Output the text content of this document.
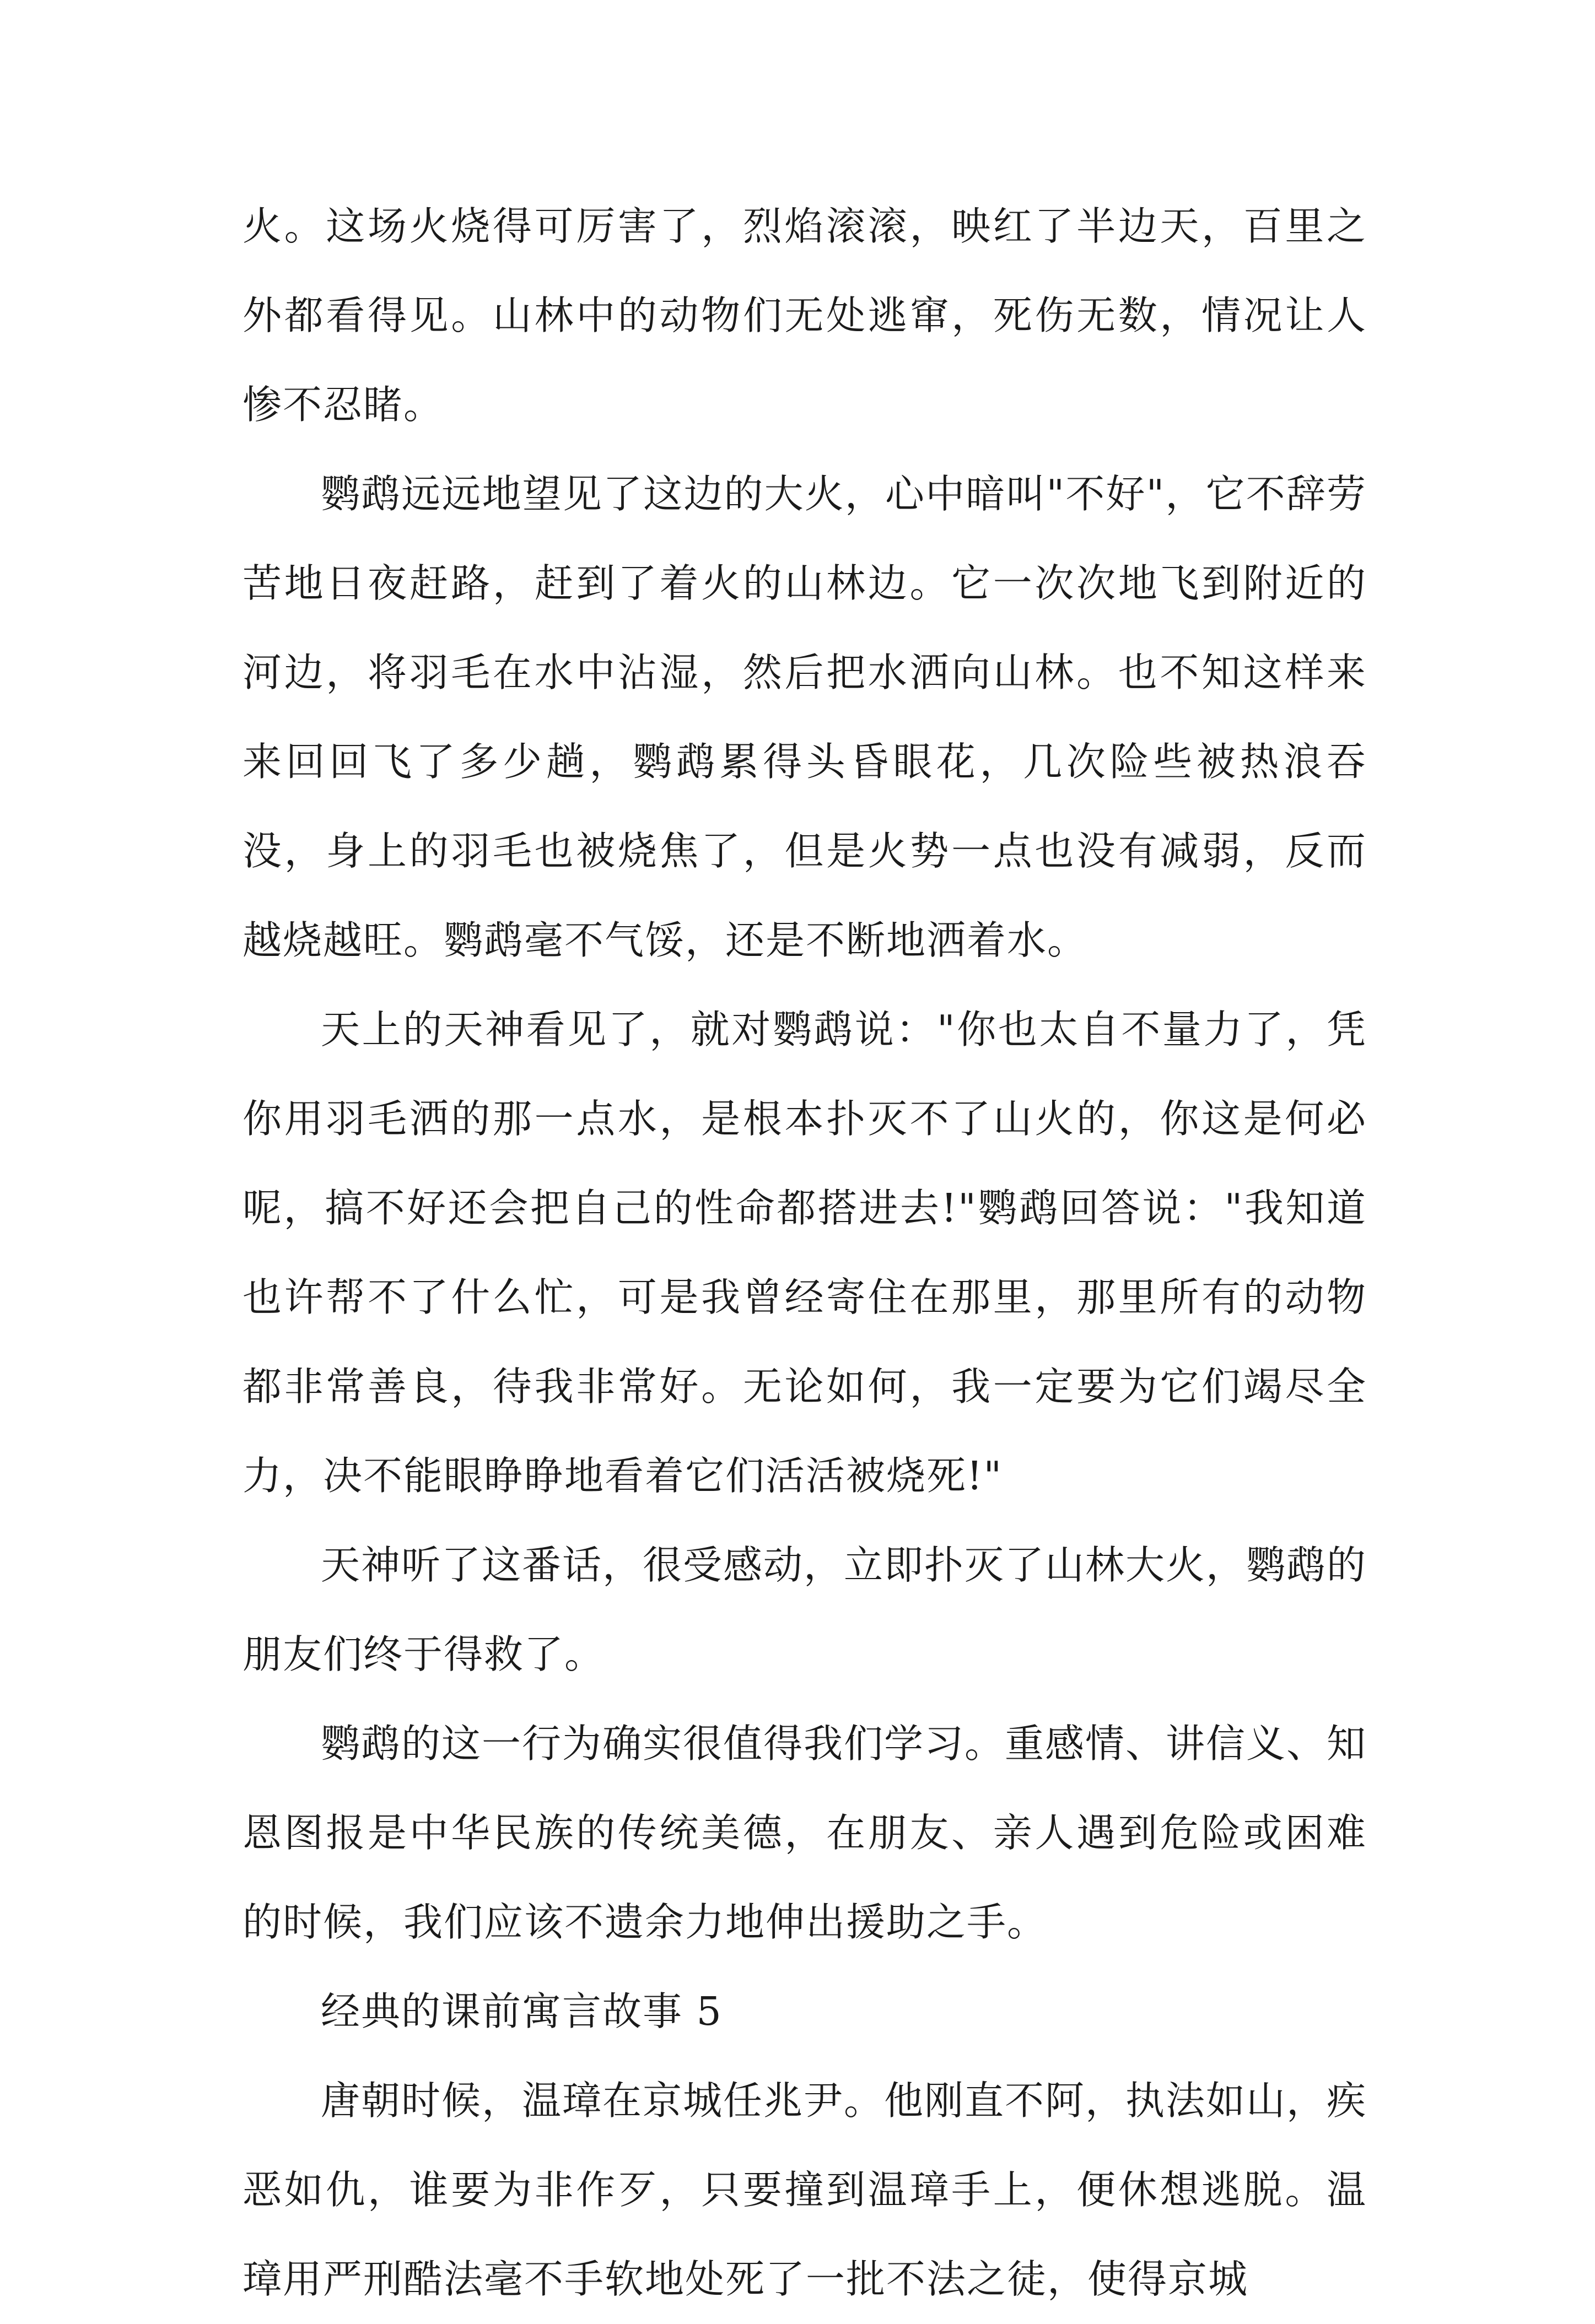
火。这场火烧得可厉害了，烈焰滚滚，映红了半边天，百里之外都看得见。山林中的动物们无处逃窜，死伤无数，情况让人惨不忍睹。

鹦鹉远远地望见了这边的大火，心中暗叫"不好"，它不辞劳苦地日夜赶路，赶到了着火的山林边。它一次次地飞到附近的河边，将羽毛在水中沾湿，然后把水洒向山林。也不知这样来来回回飞了多少趟，鹦鹉累得头昏眼花，几次险些被热浪吞没，身上的羽毛也被烧焦了，但是火势一点也没有减弱，反而越烧越旺。鹦鹉毫不气馁，还是不断地洒着水。

天上的天神看见了，就对鹦鹉说："你也太自不量力了，凭你用羽毛洒的那一点水，是根本扑灭不了山火的，你这是何必呢，搞不好还会把自己的性命都搭进去!"鹦鹉回答说："我知道也许帮不了什么忙，可是我曾经寄住在那里，那里所有的动物都非常善良，待我非常好。无论如何，我一定要为它们竭尽全力，决不能眼睁睁地看着它们活活被烧死!"

天神听了这番话，很受感动，立即扑灭了山林大火，鹦鹉的朋友们终于得救了。

鹦鹉的这一行为确实很值得我们学习。重感情、讲信义、知恩图报是中华民族的传统美德，在朋友、亲人遇到危险或困难的时候，我们应该不遗余力地伸出援助之手。

经典的课前寓言故事 5

唐朝时候，温璋在京城任兆尹。他刚直不阿，执法如山，疾恶如仇，谁要为非作歹，只要撞到温璋手上，便休想逃脱。温璋用严刑酷法毫不手软地处死了一批不法之徒，使得京城
